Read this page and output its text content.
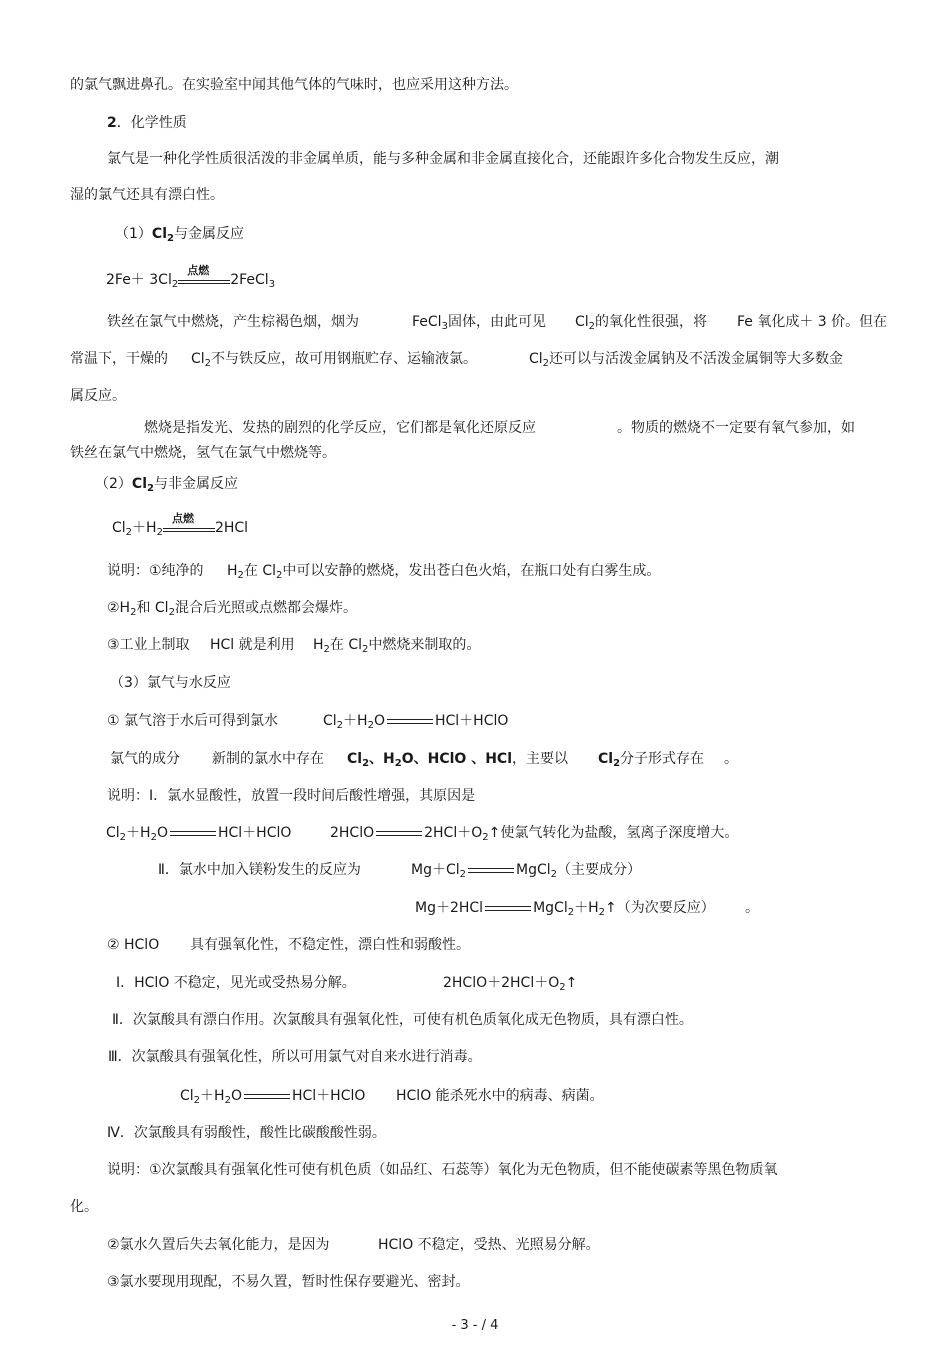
的氯气飘进鼻孔。在实验室中闻其他气体的气味时，也应采用这种方法。
2．化学性质
氯气是一种化学性质很活泼的非金属单质，能与多种金属和非金属直接化合，还能跟许多化合物发生反应，潮
湿的氯气还具有漂白性。
$(1)Cl_2$与金属反应
$2Fe+ 3Cl_2$
点燃
2FeCl$_3$
铁丝在氯气中燃烧，产生棕褐色烟，烟为	FeCl$_3$固体，由此可见 $Cl_2$的氧化性很强，将 Fe 氧化成＋ 3 价。但在
常温下，干燥的 $Cl_2$不与铁反应，故可用钢瓶贮存、运输液氯。	$Cl_2$还可以与活泼金属钠及不活泼金属铜等大多数金
属反应。
燃烧是指发光、发热的剧烈的化学反应，它们都是氧化还原反应	。物质的燃烧不一定要有氧气参加，如
铁丝在氯气中燃烧，氢气在氯气中燃烧等。
$(2)Cl_2$与非金属反应
$Cl_2+H_2$
点燃
2HCl
说明：①纯净的 $H_2$在 $Cl_2$中可以安静的燃烧，发出苍白色火焰，在瓶口处有白雾生成。
$②H_2$和 $Cl_2$混合后光照或点燃都会爆炸。
③工业上制取 HCl 就是利用 $H_2$在 $Cl_2$中燃烧来制取的。
（3）氯气与水反应
① 氯气溶于水后可得到氯水	$Cl_2+H_2O$	HCl＋HClO
氯气的成分 新制的氯水中存在 $Cl_2$、$H_2O$、HClO 、HCl，主要以 $Cl_2$分子形式存在 。
说明：Ⅰ．氯水显酸性，放置一段时间后酸性增强，其原因是
$Cl_2+H_2O$	HCl＋HClO	2HClO	$2HCl+O_2↑$使氯气转化为盐酸，氢离子深度增大。
Ⅱ．氯水中加入镁粉发生的反应为	$Mg+Cl_2$	MgCl$_2$（主要成分）
Mg＋2HCl	$MgCl_2+H_2↑$（为次要反应） 。
② HClO 具有强氧化性，不稳定性，漂白性和弱酸性。
Ⅰ．HClO 不稳定，见光或受热易分解。	$2HClO+2HCl+O_2↑$
Ⅱ．次氯酸具有漂白作用。次氯酸具有强氧化性，可使有机色质氧化成无色物质，具有漂白性。
Ⅲ．次氯酸具有强氧化性，所以可用氯气对自来水进行消毒。
$Cl_2+H_2O$	HCl＋HClO HClO 能杀死水中的病毒、病菌。
Ⅳ．次氯酸具有弱酸性，酸性比碳酸酸性弱。
说明：①次氯酸具有强氧化性可使有机色质（如品红、石蕊等）氧化为无色物质，但不能使碳素等黑色物质氧
化。
②氯水久置后失去氧化能力，是因为	HClO 不稳定，受热、光照易分解。
③氯水要现用现配，不易久置，暂时性保存要避光、密封。
- 3 - / 4
